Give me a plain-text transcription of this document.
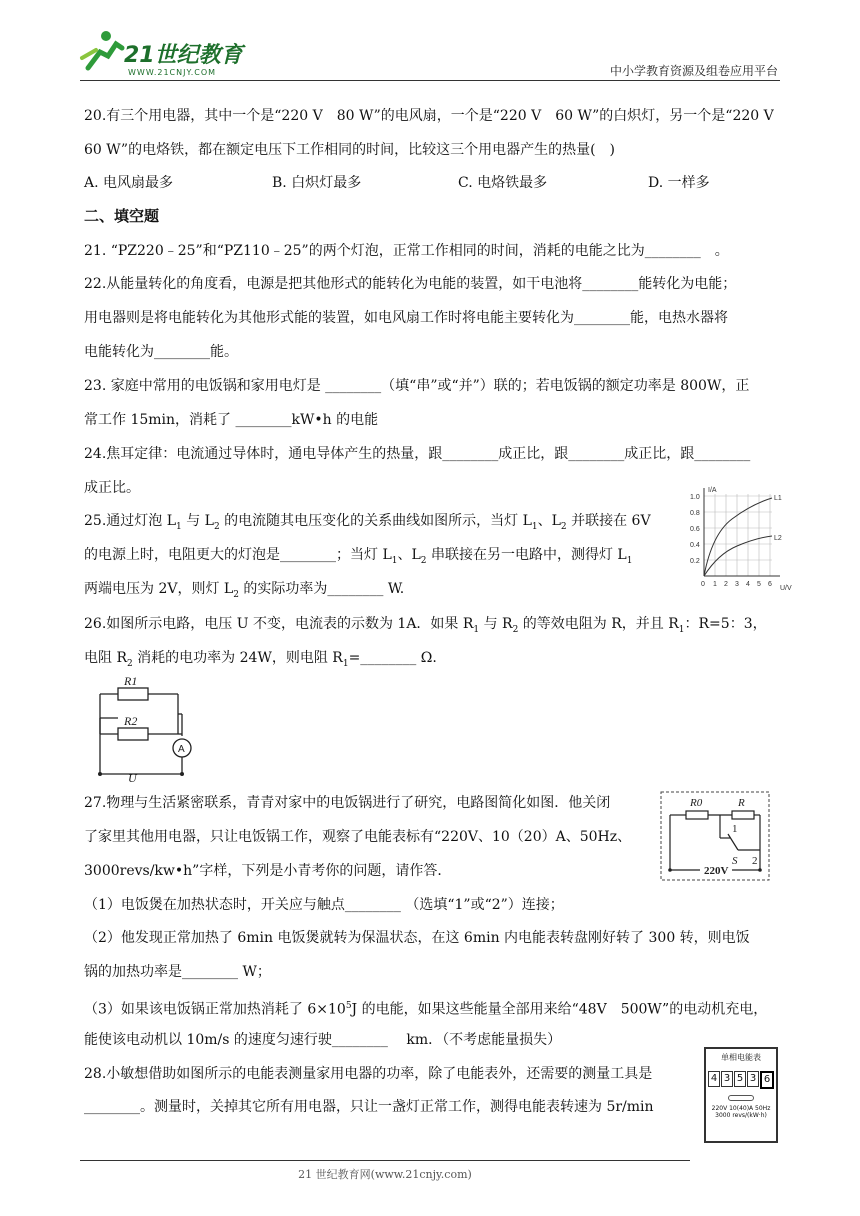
21世纪教育
WWW.21CNJY.COM	中小学教育资源及组卷应用平台
20.有三个用电器，其中一个是“220 V　80 W”的电风扇，一个是“220 V　60 W”的白炽灯，另一个是“220 V
60 W”的电烙铁，都在额定电压下工作相同的时间，比较这三个用电器产生的热量(　)
A. 电风扇最多	B. 白炽灯最多	C. 电烙铁最多	D. 一样多
二、填空题
21. “PZ220﹣25”和“PZ110﹣25”的两个灯泡，正常工作相同的时间，消耗的电能之比为________　。
22.从能量转化的角度看，电源是把其他形式的能转化为电能的装置，如干电池将________能转化为电能；
用电器则是将电能转化为其他形式能的装置，如电风扇工作时将电能主要转化为________能，电热水器将
电能转化为________能。
23. 家庭中常用的电饭锅和家用电灯是 ________（填“串”或“并”）联的；若电饭锅的额定功率是 800W，正
常工作 15min，消耗了 ________kW•h 的电能
24.焦耳定律：电流通过导体时，通电导体产生的热量，跟________成正比，跟________成正比，跟________
成正比。
25.通过灯泡 $L_1$ 与 $L_2$ 的电流随其电压变化的关系曲线如图所示，当灯 $L_1$、$L_2$ 并联接在 6V
的电源上时，电阻更大的灯泡是________；当灯 $L_1$、$L_2$ 串联接在另一电路中，测得灯 $L_1$
两端电压为 2V，则灯 $L_2$ 的实际功率为________ W.
I/A
U/V
1.0
0.8
0.6
0.4
0.2
0 1 2 3 4 5 6
L1
L2
26.如图所示电路，电压 U 不变，电流表的示数为 1A．如果 $R_1$ 与 $R_2$ 的等效电阻为 R，并且 $R_1$：R=5：3，
电阻 $R_2$ 消耗的电功率为 24W，则电阻 $R_1=\_\_\_\_\_\_\_\_$ Ω.
R1
R2
U
A
27.物理与生活紧密联系，青青对家中的电饭锅进行了研究，电路图简化如图．他关闭
了家里其他用电器，只让电饭锅工作，观察了电能表标有“220V、10（20）A、50Hz、
3000revs/kw•h”字样，下列是小青考你的问题，请作答．
（1）电饭煲在加热状态时，开关应与触点________ （选填“1”或“2”）连接；
（2）他发现正常加热了 6min 电饭煲就转为保温状态，在这 6min 内电能表转盘刚好转了 300 转，则电饭
锅的加热功率是________ W；
（3）如果该电饭锅正常加热消耗了 $6\times 10^5J$ 的电能，如果这些能量全部用来给“48V　500W”的电动机充电，
能使该电动机以 10m/s 的速度匀速行驶________　 km．（不考虑能量损失）
R0	R
1
2
S
220V
28.小敏想借助如图所示的电能表测量家用电器的功率，除了电能表外，还需要的测量工具是
________。测量时，关掉其它所有用电器，只让一盏灯正常工作，测得电能表转速为 5r/min
单相电能表
4 3 5 3 6
220V 10(40)A 50Hz
3000 revs/(kW·h)
21 世纪教育网(www.21cnjy.com)
